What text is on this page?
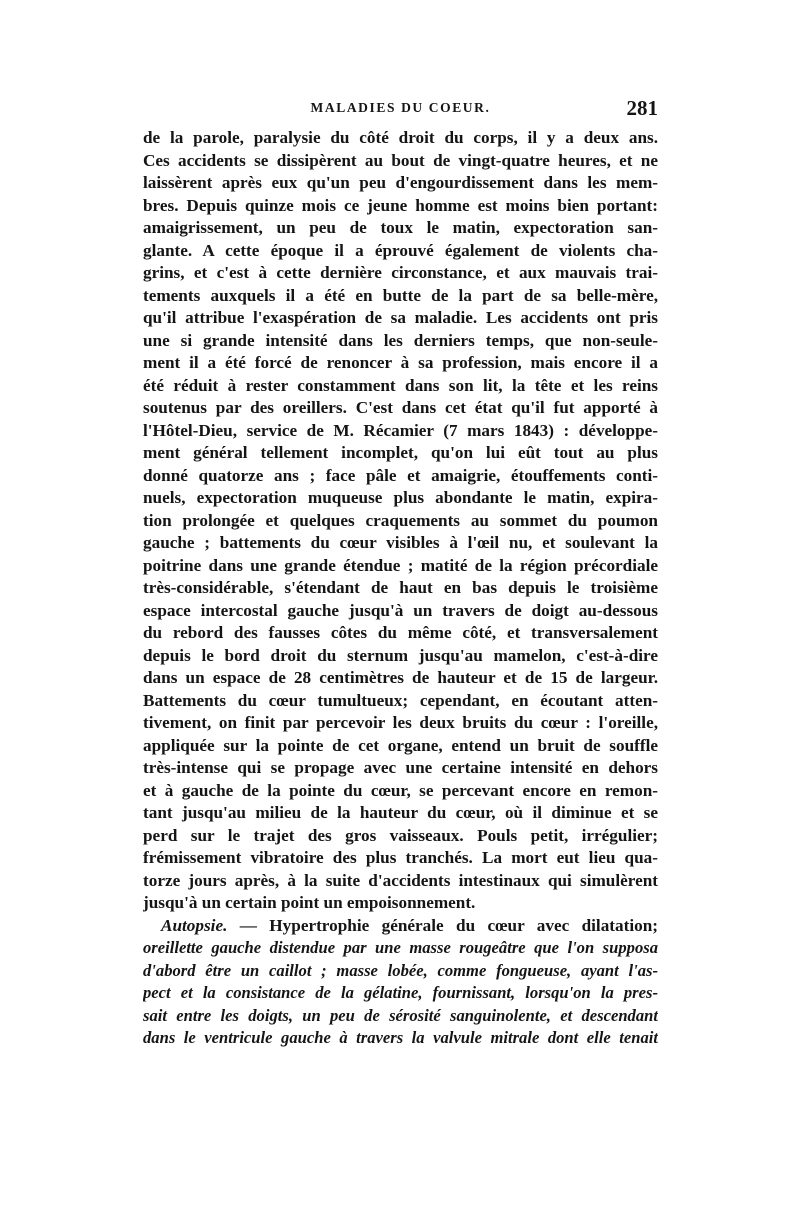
MALADIES DU COEUR.	281
de la parole, paralysie du côté droit du corps, il y a deux ans.
Ces accidents se dissipèrent au bout de vingt-quatre heures, et ne
laissèrent après eux qu'un peu d'engourdissement dans les mem-
bres. Depuis quinze mois ce jeune homme est moins bien portant:
amaigrissement, un peu de toux le matin, expectoration san-
glante. A cette époque il a éprouvé également de violents cha-
grins, et c'est à cette dernière circonstance, et aux mauvais trai-
tements auxquels il a été en butte de la part de sa belle-mère,
qu'il attribue l'exaspération de sa maladie. Les accidents ont pris
une si grande intensité dans les derniers temps, que non-seule-
ment il a été forcé de renoncer à sa profession, mais encore il a
été réduit à rester constamment dans son lit, la tête et les reins
soutenus par des oreillers. C'est dans cet état qu'il fut apporté à
l'Hôtel-Dieu, service de M. Récamier (7 mars 1843) : développe-
ment général tellement incomplet, qu'on lui eût tout au plus
donné quatorze ans ; face pâle et amaigrie, étouffements conti-
nuels, expectoration muqueuse plus abondante le matin, expira-
tion prolongée et quelques craquements au sommet du poumon
gauche ; battements du cœur visibles à l'œil nu, et soulevant la
poitrine dans une grande étendue ; matité de la région précordiale
très-considérable, s'étendant de haut en bas depuis le troisième
espace intercostal gauche jusqu'à un travers de doigt au-dessous
du rebord des fausses côtes du même côté, et transversalement
depuis le bord droit du sternum jusqu'au mamelon, c'est-à-dire
dans un espace de 28 centimètres de hauteur et de 15 de largeur.
Battements du cœur tumultueux; cependant, en écoutant atten-
tivement, on finit par percevoir les deux bruits du cœur : l'oreille,
appliquée sur la pointe de cet organe, entend un bruit de souffle
très-intense qui se propage avec une certaine intensité en dehors
et à gauche de la pointe du cœur, se percevant encore en remon-
tant jusqu'au milieu de la hauteur du cœur, où il diminue et se
perd sur le trajet des gros vaisseaux. Pouls petit, irrégulier;
frémissement vibratoire des plus tranchés. La mort eut lieu qua-
torze jours après, à la suite d'accidents intestinaux qui simulèrent
jusqu'à un certain point un empoisonnement.
Autopsie. — Hypertrophie générale du cœur avec dilatation;
oreillette gauche distendue par une masse rougeâtre que l'on supposa
d'abord être un caillot ; masse lobée, comme fongueuse, ayant l'as-
pect et la consistance de la gélatine, fournissant, lorsqu'on la pres-
sait entre les doigts, un peu de sérosité sanguinolente, et descendant
dans le ventricule gauche à travers la valvule mitrale dont elle tenait
